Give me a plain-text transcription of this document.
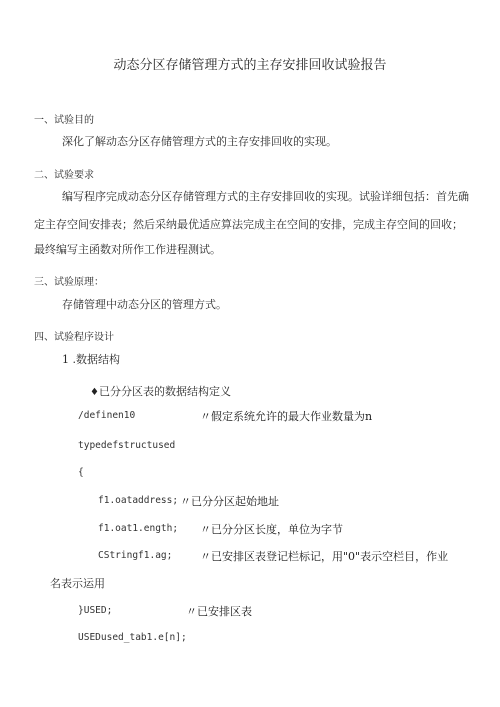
动态分区存储管理方式的主存安排回收试验报告
一、试验目的
深化了解动态分区存储管理方式的主存安排回收的实现。
二、试验要求
编写程序完成动态分区存储管理方式的主存安排回收的实现。试验详细包括：首先确
定主存空间安排表；然后采纳最优适应算法完成主在空间的安排，完成主存空间的回收；
最终编写主函数对所作工作进程测试。
三、试验原理：
存储管理中动态分区的管理方式。
四、试验程序设计
1 .数据结构
♦已分分区表的数据结构定义
/definen10	〃假定系统允许的最大作业数量为n
typedefstructused
{
f1.oataddress; 〃已分分区起始地址
f1.oat1.ength; 〃已分分区长度，单位为字节
CStringf1.ag;	〃已安排区表登记栏标记，用"0"表示空栏目，作业
名表示运用
}USED;	〃已安排区表
USEDused_tab1.e[n];
